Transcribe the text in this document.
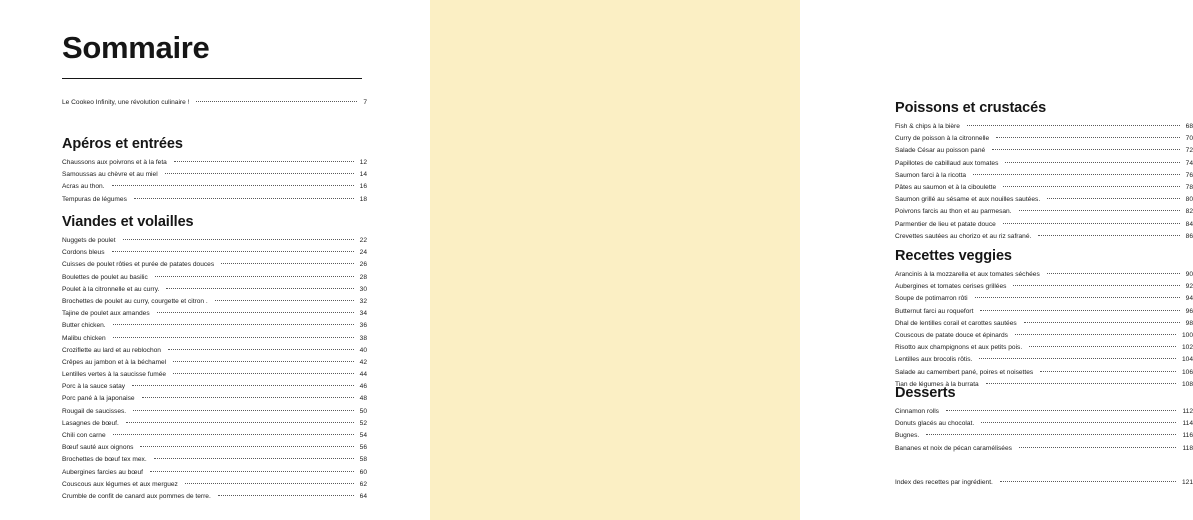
Sommaire
Le Cookeo Infinity, une révolution culinaire !	7
Apéros et entrées
Chaussons aux poivrons et à la feta	12
Samoussas au chèvre et au miel	14
Acras au thon.	16
Tempuras de légumes	18
Viandes et volailles
Nuggets de poulet	22
Cordons bleus	24
Cuisses de poulet rôties et purée de patates douces	26
Boulettes de poulet au basilic	28
Poulet à la citronnelle et au curry.	30
Brochettes de poulet au curry, courgette et citron .	32
Tajine de poulet aux amandes	34
Butter chicken.	36
Malibu chicken	38
Croziflette au lard et au reblochon	40
Crêpes au jambon et à la béchamel	42
Lentilles vertes à la saucisse fumée	44
Porc à la sauce satay	46
Porc pané à la japonaise	48
Rougail de saucisses.	50
Lasagnes de bœuf.	52
Chili con carne	54
Bœuf sauté aux oignons	56
Brochettes de bœuf tex mex.	58
Aubergines farcies au bœuf	60
Couscous aux légumes et aux merguez	62
Crumble de confit de canard aux pommes de terre.	64
Poissons et crustacés
Fish & chips à la bière	68
Curry de poisson à la citronnelle	70
Salade César au poisson pané	72
Papillotes de cabillaud aux tomates	74
Saumon farci à la ricotta	76
Pâtes au saumon et à la ciboulette	78
Saumon grillé au sésame et aux nouilles sautées.	80
Poivrons farcis au thon et au parmesan.	82
Parmentier de lieu et patate douce	84
Crevettes sautées au chorizo et au riz safrané.	86
Recettes veggies
Arancinis à la mozzarella et aux tomates séchées	90
Aubergines et tomates cerises grillées	92
Soupe de potimarron rôti	94
Butternut farci au roquefort	96
Dhal de lentilles corail et carottes sautées	98
Couscous de patate douce et épinards	100
Risotto aux champignons et aux petits pois.	102
Lentilles aux brocolis rôtis.	104
Salade au camembert pané, poires et noisettes	106
Tian de légumes à la burrata	108
Desserts
Cinnamon rolls	112
Donuts glacés au chocolat.	114
Bugnes.	116
Bananes et noix de pécan caramélisées	118
Index des recettes par ingrédient.	121
